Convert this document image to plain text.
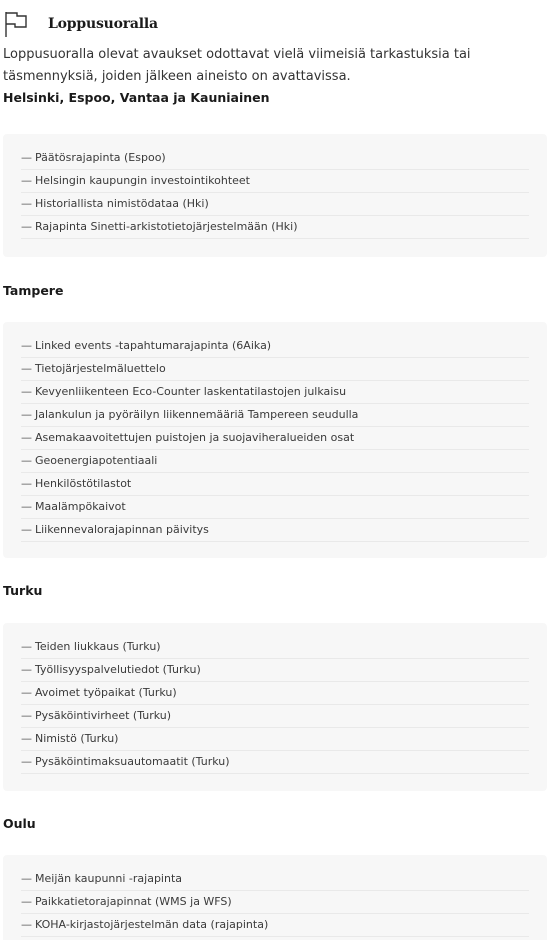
Loppusuoralla

Loppusuoralla olevat avaukset odottavat vielä viimeisiä tarkastuksia tai täsmennyksiä, joiden jälkeen aineisto on avattavissa.

Helsinki, Espoo, Vantaa ja Kauniainen
— Päätösrajapinta (Espoo)
— Helsingin kaupungin investointikohteet
— Historiallista nimistödataa (Hki)
— Rajapinta Sinetti-arkistotietojärjestelmään (Hki)
Tampere
— Linked events -tapahtumarajapinta (6Aika)
— Tietojärjestelmäluettelo
— Kevyenliikenteen Eco-Counter laskentatilastojen julkaisu
— Jalankulun ja pyöräilyn liikennemääriä Tampereen seudulla
— Asemakaavoitettujen puistojen ja suojaviheralueiden osat
— Geoenergiapotentiaali
— Henkilöstötilastot
— Maalämpökaivot
— Liikennevalorajapinnan päivitys
Turku
— Teiden liukkaus (Turku)
— Työllisyyspalvelutiedot (Turku)
— Avoimet työpaikat (Turku)
— Pysäköintivirheet (Turku)
— Nimistö (Turku)
— Pysäköintimaksuautomaatit (Turku)
Oulu
— Meijän kaupunni -rajapinta
— Paikkatietorajapinnat (WMS ja WFS)
— KOHA-kirjastojärjestelmän data (rajapinta)
